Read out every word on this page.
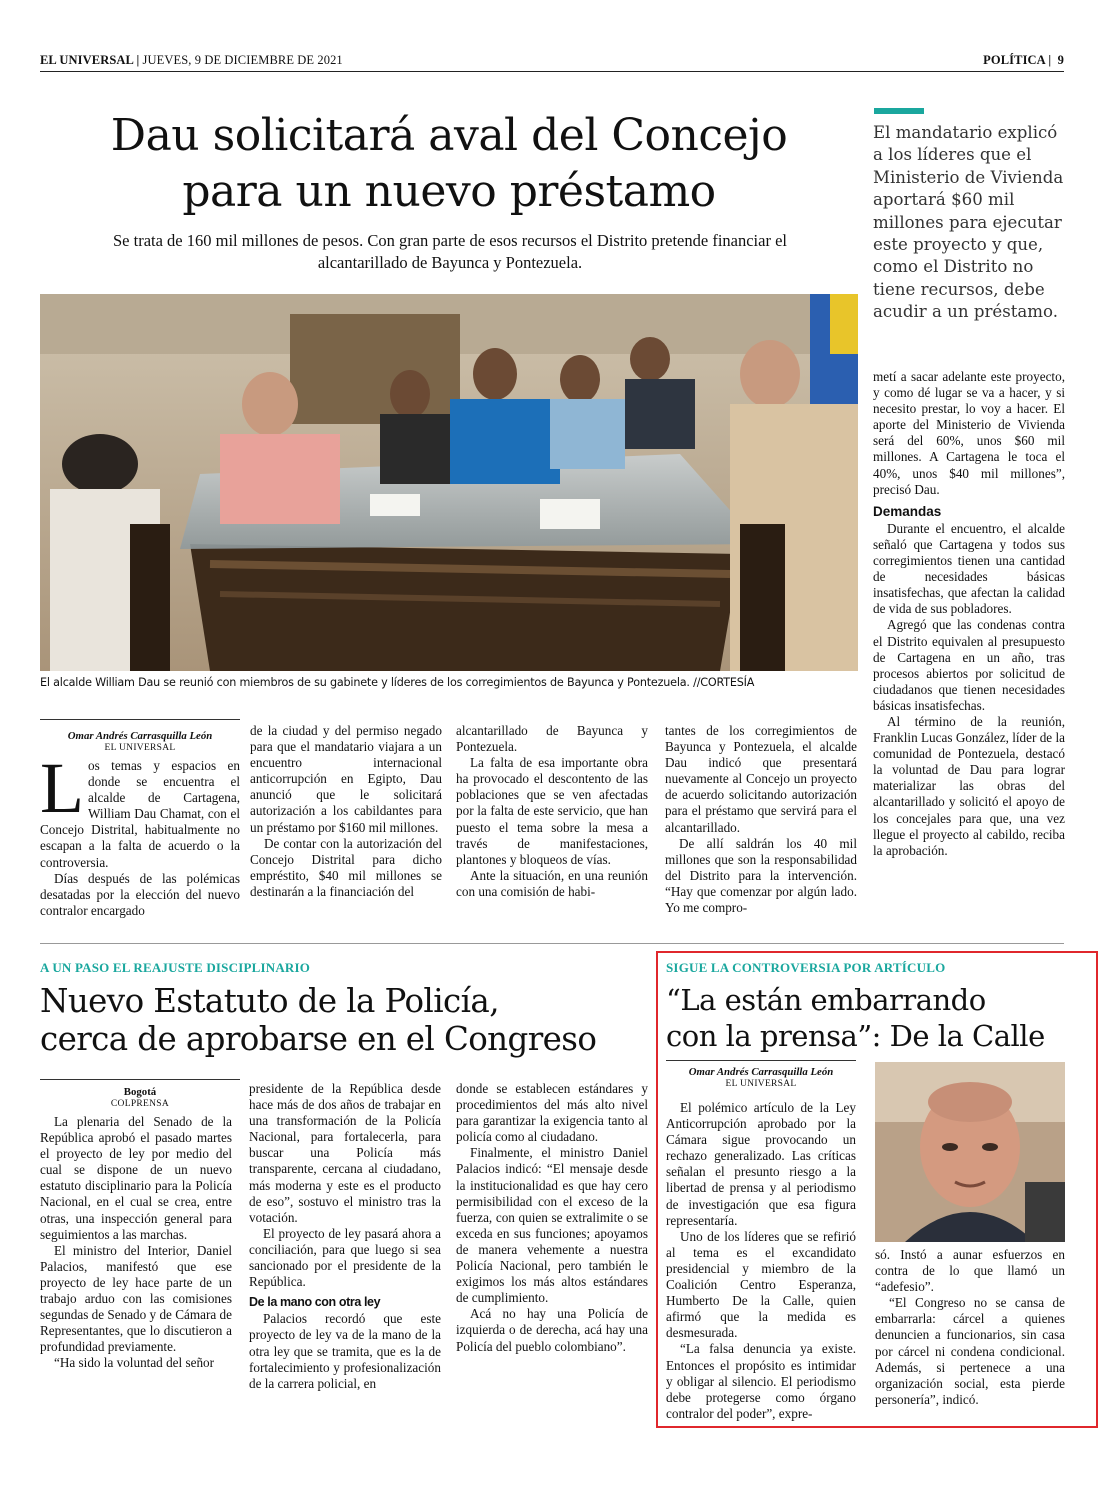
EL UNIVERSAL | JUEVES, 9 DE DICIEMBRE DE 2021	POLÍTICA | 9
Dau solicitará aval del Concejo
para un nuevo préstamo
Se trata de 160 mil millones de pesos. Con gran parte de esos recursos el Distrito pretende financiar el alcantarillado de Bayunca y Pontezuela.
El mandatario explicó a los líderes que el Ministerio de Vivienda aportará $60 mil millones para ejecutar este proyecto y que, como el Distrito no tiene recursos, debe acudir a un préstamo.
El alcalde William Dau se reunió con miembros de su gabinete y líderes de los corregimientos de Bayunca y Pontezuela. //CORTESÍA
Omar Andrés Carrasquilla León
EL UNIVERSAL

Los temas y espacios en donde se encuentra el alcalde de Cartagena, William Dau Chamat, con el Concejo Distrital, habitualmente no escapan a la falta de acuerdo o la controversia.

Días después de las polémicas desatadas por la elección del nuevo contralor encargado

de la ciudad y del permiso negado para que el mandatario viajara a un encuentro internacional anticorrupción en Egipto, Dau anunció que le solicitará autorización a los cabildantes para un préstamo por $160 mil millones.

De contar con la autorización del Concejo Distrital para dicho empréstito, $40 mil millones se destinarán a la financiación del

alcantarillado de Bayunca y Pontezuela.

La falta de esa importante obra ha provocado el descontento de las poblaciones que se ven afectadas por la falta de este servicio, que han puesto el tema sobre la mesa a través de manifestaciones, plantones y bloqueos de vías.

Ante la situación, en una reunión con una comisión de habi-

tantes de los corregimientos de Bayunca y Pontezuela, el alcalde Dau indicó que presentará nuevamente al Concejo un proyecto de acuerdo solicitando autorización para el préstamo que servirá para el alcantarillado.

De allí saldrán los 40 mil millones que son la responsabilidad del Distrito para la intervención. “Hay que comenzar por algún lado. Yo me compro-

metí a sacar adelante este proyecto, y como dé lugar se va a hacer, y si necesito prestar, lo voy a hacer. El aporte del Ministerio de Vivienda será del 60%, unos $60 mil millones. A Cartagena le toca el 40%, unos $40 mil millones”, precisó Dau.

Demandas

Durante el encuentro, el alcalde señaló que Cartagena y todos sus corregimientos tienen una cantidad de necesidades básicas insatisfechas, que afectan la calidad de vida de sus pobladores.

Agregó que las condenas contra el Distrito equivalen al presupuesto de Cartagena en un año, tras procesos abiertos por solicitud de ciudadanos que tienen necesidades básicas insatisfechas.

Al término de la reunión, Franklin Lucas González, líder de la comunidad de Pontezuela, destacó la voluntad de Dau para lograr materializar las obras del alcantarillado y solicitó el apoyo de los concejales para que, una vez llegue el proyecto al cabildo, reciba la aprobación.

A UN PASO EL REAJUSTE DISCIPLINARIO
Nuevo Estatuto de la Policía,
cerca de aprobarse en el Congreso
Bogotá
COLPRENSA

La plenaria del Senado de la República aprobó el pasado martes el proyecto de ley por medio del cual se dispone de un nuevo estatuto disciplinario para la Policía Nacional, en el cual se crea, entre otras, una inspección general para seguimientos a las marchas.

El ministro del Interior, Daniel Palacios, manifestó que ese proyecto de ley hace parte de un trabajo arduo con las comisiones segundas de Senado y de Cámara de Representantes, que lo discutieron a profundidad previamente.

“Ha sido la voluntad del señor

presidente de la República desde hace más de dos años de trabajar en una transformación de la Policía Nacional, para fortalecerla, para buscar una Policía más transparente, cercana al ciudadano, más moderna y este es el producto de eso”, sostuvo el ministro tras la votación.

El proyecto de ley pasará ahora a conciliación, para que luego si sea sancionado por el presidente de la República.

De la mano con otra ley

Palacios recordó que este proyecto de ley va de la mano de la otra ley que se tramita, que es la de fortalecimiento y profesionalización de la carrera policial, en

donde se establecen estándares y procedimientos del más alto nivel para garantizar la exigencia tanto al policía como al ciudadano.

Finalmente, el ministro Daniel Palacios indicó: “El mensaje desde la institucionalidad es que hay cero permisibilidad con el exceso de la fuerza, con quien se extralimite o se exceda en sus funciones; apoyamos de manera vehemente a nuestra Policía Nacional, pero también le exigimos los más altos estándares de cumplimiento.

Acá no hay una Policía de izquierda o de derecha, acá hay una Policía del pueblo colombiano”.

SIGUE LA CONTROVERSIA POR ARTÍCULO
“La están embarrando
con la prensa”: De la Calle
Omar Andrés Carrasquilla León
EL UNIVERSAL

El polémico artículo de la Ley Anticorrupción aprobado por la Cámara sigue provocando un rechazo generalizado. Las críticas señalan el presunto riesgo a la libertad de prensa y al periodismo de investigación que esa figura representaría.

Uno de los líderes que se refirió al tema es el excandidato presidencial y miembro de la Coalición Centro Esperanza, Humberto De la Calle, quien afirmó que la medida es desmesurada.

“La falsa denuncia ya existe. Entonces el propósito es intimidar y obligar al silencio. El periodismo debe protegerse como órgano contralor del poder”, expre-

só. Instó a aunar esfuerzos en contra de lo que llamó un “adefesio”.

“El Congreso no se cansa de embarrarla: cárcel a quienes denuncien a funcionarios, sin casa por cárcel ni condena condicional. Además, si pertenece a una organización social, esta pierde personería”, indicó.
